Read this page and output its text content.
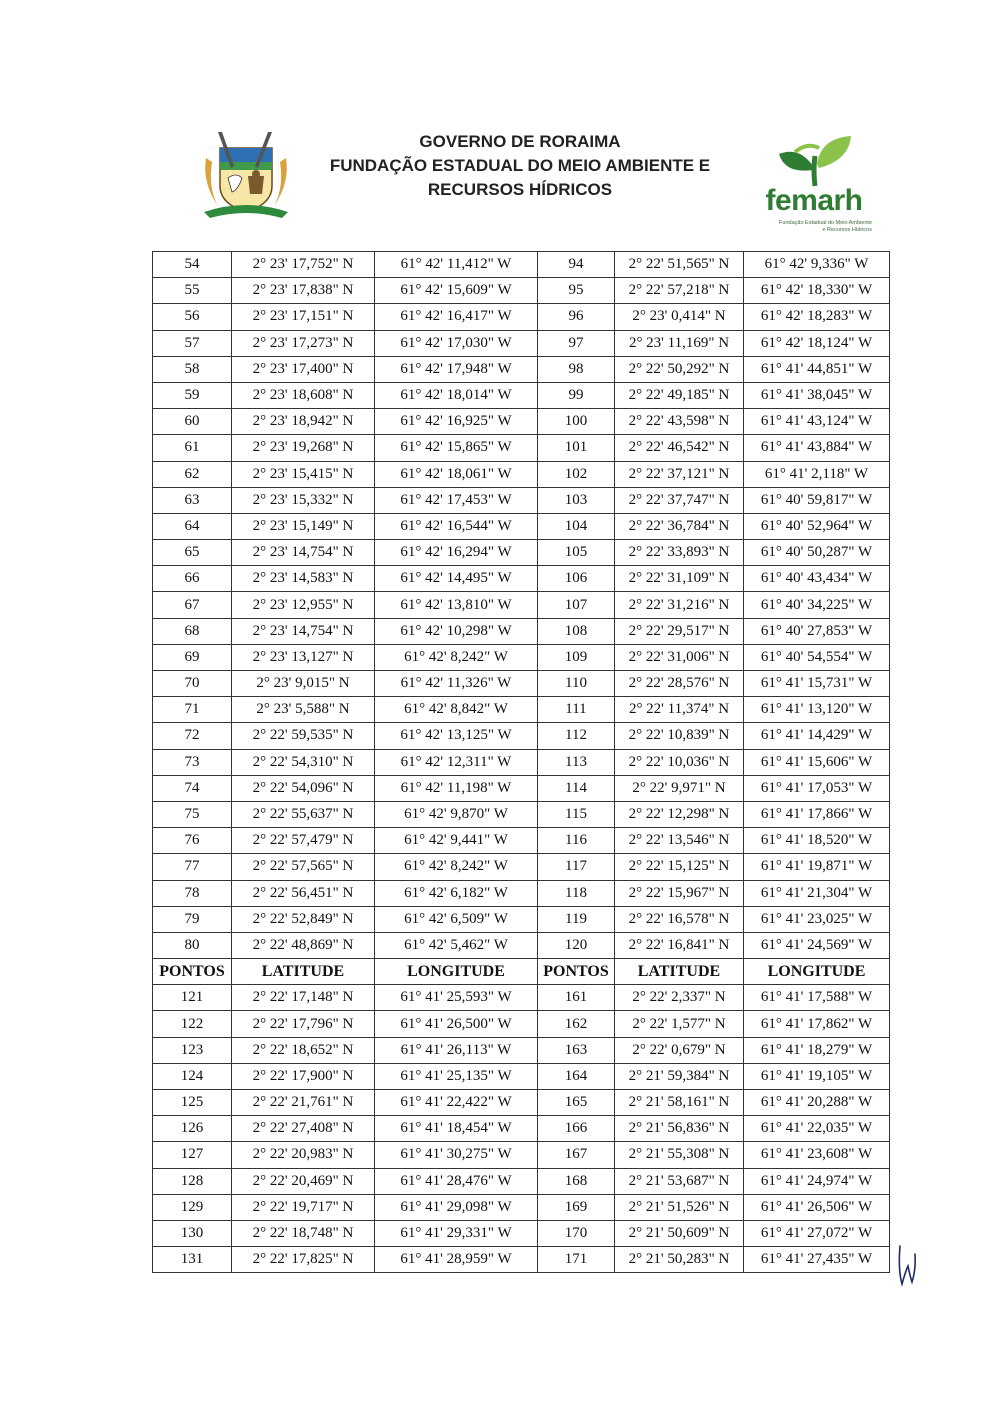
GOVERNO DE RORAIMA
FUNDAÇÃO ESTADUAL DO MEIO AMBIENTE E
RECURSOS HÍDRICOS	femarh
Fundação Estadual do Meio Ambiente
e Recursos Hídricos
54	2° 23' 17,752" N	61° 42' 11,412" W	94	2° 22' 51,565" N	61° 42' 9,336" W
55	2° 23' 17,838" N	61° 42' 15,609" W	95	2° 22' 57,218" N	61° 42' 18,330" W
56	2° 23' 17,151" N	61° 42' 16,417" W	96	2° 23' 0,414" N	61° 42' 18,283" W
57	2° 23' 17,273" N	61° 42' 17,030" W	97	2° 23' 11,169" N	61° 42' 18,124" W
58	2° 23' 17,400" N	61° 42' 17,948" W	98	2° 22' 50,292" N	61° 41' 44,851" W
59	2° 23' 18,608" N	61° 42' 18,014" W	99	2° 22' 49,185" N	61° 41' 38,045" W
60	2° 23' 18,942" N	61° 42' 16,925" W	100	2° 22' 43,598" N	61° 41' 43,124" W
61	2° 23' 19,268" N	61° 42' 15,865" W	101	2° 22' 46,542" N	61° 41' 43,884" W
62	2° 23' 15,415" N	61° 42' 18,061" W	102	2° 22' 37,121" N	61° 41' 2,118" W
63	2° 23' 15,332" N	61° 42' 17,453" W	103	2° 22' 37,747" N	61° 40' 59,817" W
64	2° 23' 15,149" N	61° 42' 16,544" W	104	2° 22' 36,784" N	61° 40' 52,964" W
65	2° 23' 14,754" N	61° 42' 16,294" W	105	2° 22' 33,893" N	61° 40' 50,287" W
66	2° 23' 14,583" N	61° 42' 14,495" W	106	2° 22' 31,109" N	61° 40' 43,434" W
67	2° 23' 12,955" N	61° 42' 13,810" W	107	2° 22' 31,216" N	61° 40' 34,225" W
68	2° 23' 14,754" N	61° 42' 10,298" W	108	2° 22' 29,517" N	61° 40' 27,853" W
69	2° 23' 13,127" N	61° 42' 8,242" W	109	2° 22' 31,006" N	61° 40' 54,554" W
70	2° 23' 9,015" N	61° 42' 11,326" W	110	2° 22' 28,576" N	61° 41' 15,731" W
71	2° 23' 5,588" N	61° 42' 8,842" W	111	2° 22' 11,374" N	61° 41' 13,120" W
72	2° 22' 59,535" N	61° 42' 13,125" W	112	2° 22' 10,839" N	61° 41' 14,429" W
73	2° 22' 54,310" N	61° 42' 12,311" W	113	2° 22' 10,036" N	61° 41' 15,606" W
74	2° 22' 54,096" N	61° 42' 11,198" W	114	2° 22' 9,971" N	61° 41' 17,053" W
75	2° 22' 55,637" N	61° 42' 9,870" W	115	2° 22' 12,298" N	61° 41' 17,866" W
76	2° 22' 57,479" N	61° 42' 9,441" W	116	2° 22' 13,546" N	61° 41' 18,520" W
77	2° 22' 57,565" N	61° 42' 8,242" W	117	2° 22' 15,125" N	61° 41' 19,871" W
78	2° 22' 56,451" N	61° 42' 6,182" W	118	2° 22' 15,967" N	61° 41' 21,304" W
79	2° 22' 52,849" N	61° 42' 6,509" W	119	2° 22' 16,578" N	61° 41' 23,025" W
80	2° 22' 48,869" N	61° 42' 5,462" W	120	2° 22' 16,841" N	61° 41' 24,569" W
PONTOS	LATITUDE	LONGITUDE	PONTOS	LATITUDE	LONGITUDE
121	2° 22' 17,148" N	61° 41' 25,593" W	161	2° 22' 2,337" N	61° 41' 17,588" W
122	2° 22' 17,796" N	61° 41' 26,500" W	162	2° 22' 1,577" N	61° 41' 17,862" W
123	2° 22' 18,652" N	61° 41' 26,113" W	163	2° 22' 0,679" N	61° 41' 18,279" W
124	2° 22' 17,900" N	61° 41' 25,135" W	164	2° 21' 59,384" N	61° 41' 19,105" W
125	2° 22' 21,761" N	61° 41' 22,422" W	165	2° 21' 58,161" N	61° 41' 20,288" W
126	2° 22' 27,408" N	61° 41' 18,454" W	166	2° 21' 56,836" N	61° 41' 22,035" W
127	2° 22' 20,983" N	61° 41' 30,275" W	167	2° 21' 55,308" N	61° 41' 23,608" W
128	2° 22' 20,469" N	61° 41' 28,476" W	168	2° 21' 53,687" N	61° 41' 24,974" W
129	2° 22' 19,717" N	61° 41' 29,098" W	169	2° 21' 51,526" N	61° 41' 26,506" W
130	2° 22' 18,748" N	61° 41' 29,331" W	170	2° 21' 50,609" N	61° 41' 27,072" W
131	2° 22' 17,825" N	61° 41' 28,959" W	171	2° 21' 50,283" N	61° 41' 27,435" W
